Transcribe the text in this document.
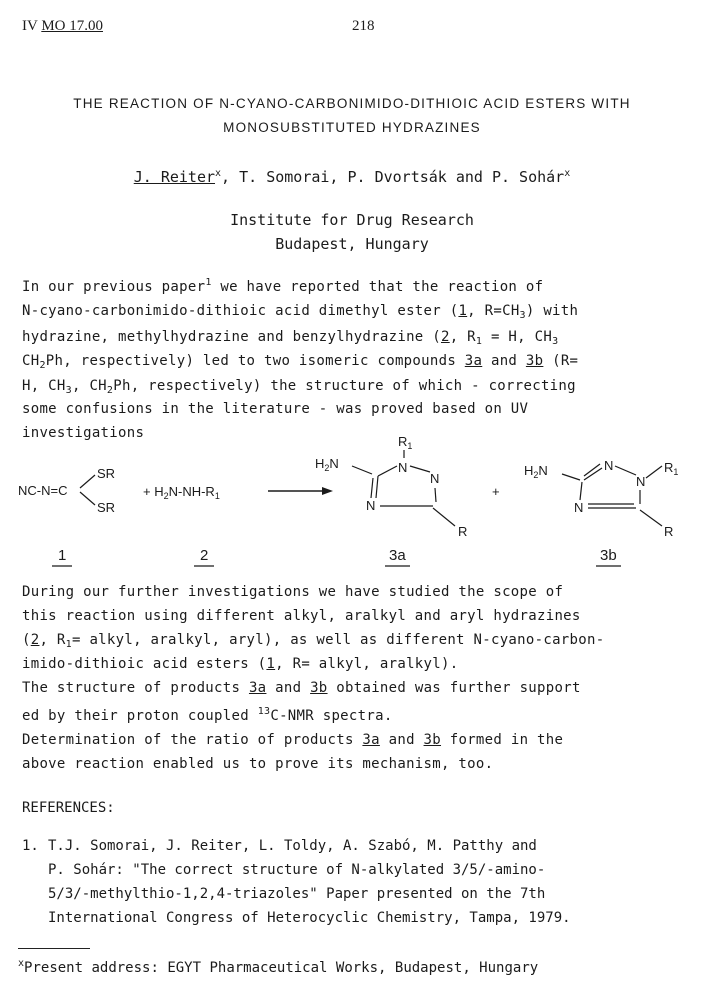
IV MO 17.00	218
THE REACTION OF N-CYANO-CARBONIMIDO-DITHIOIC ACID ESTERS WITH
MONOSUBSTITUTED HYDRAZINES
J. Reiter$^x$, T. Somorai, P. Dvortsák and P. Sohár$^x$
Institute for Drug Research
Budapest, Hungary
In our previous paper$^1$ we have reported that the reaction of
N-cyano-carbonimido-dithioic acid dimethyl ester (1, $R=CH_3$) with
hydrazine, methylhydrazine and benzylhydrazine (2, $R_1 = H$, $CH_3$
$CH_2Ph$, respectively) led to two isomeric compounds 3a and 3b (R=
H, $CH_3$, $CH_2Ph$, respectively) the structure of which - correcting
some confusions in the literature - was proved based on UV
investigations
NC-N=C
SR
SR
1
+ $H_2N-NH-R_1$
2
$H_2N$
$R_1$
N
N
N
R
3a
+
$H_2N$	N
N
N
$R_1$
R
3b
During our further investigations we have studied the scope of
this reaction using different alkyl, aralkyl and aryl hydrazines
(2, $R_1=$ alkyl, aralkyl, aryl), as well as different N-cyano-carbon-
imido-dithioic acid esters (1, R= alkyl, aralkyl).
The structure of products 3a and 3b obtained was further support
ed by their proton coupled $^{13}$C-NMR spectra.
Determination of the ratio of products 3a and 3b formed in the
above reaction enabled us to prove its mechanism, too.
REFERENCES:
1. T.J. Somorai, J. Reiter, L. Toldy, A. Szabó, M. Patthy and
P. Sohár: "The correct structure of N-alkylated 3/5/-amino-
5/3/-methylthio-1,2,4-triazoles" Paper presented on the 7th
International Congress of Heterocyclic Chemistry, Tampa, 1979.
$^x$Present address: EGYT Pharmaceutical Works, Budapest, Hungary
